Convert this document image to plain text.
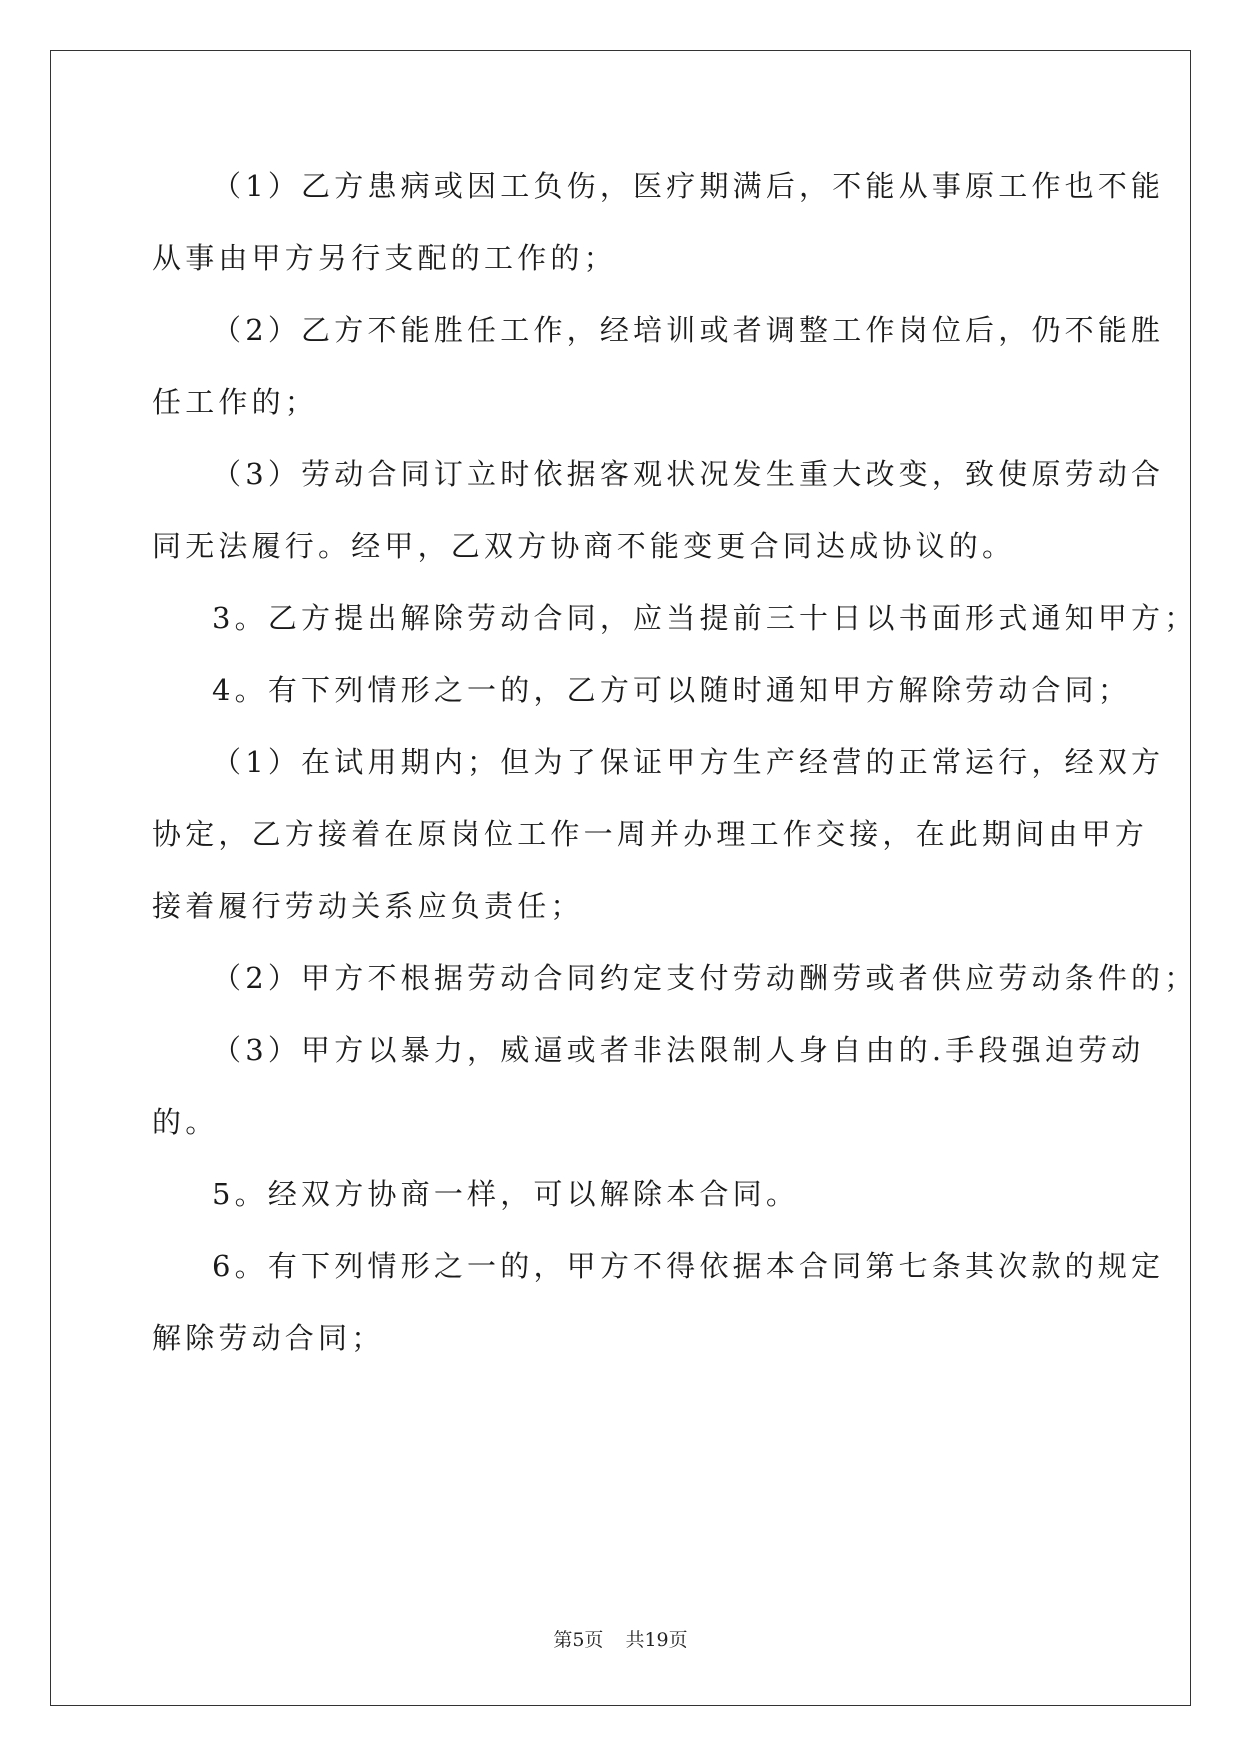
（1）乙方患病或因工负伤，医疗期满后，不能从事原工作也不能
从事由甲方另行支配的工作的；
（2）乙方不能胜任工作，经培训或者调整工作岗位后，仍不能胜
任工作的；
（3）劳动合同订立时依据客观状况发生重大改变，致使原劳动合
同无法履行。经甲，乙双方协商不能变更合同达成协议的。
3。乙方提出解除劳动合同，应当提前三十日以书面形式通知甲方；
4。有下列情形之一的，乙方可以随时通知甲方解除劳动合同；
（1）在试用期内；但为了保证甲方生产经营的正常运行，经双方
协定，乙方接着在原岗位工作一周并办理工作交接，在此期间由甲方
接着履行劳动关系应负责任；
（2）甲方不根据劳动合同约定支付劳动酬劳或者供应劳动条件的；
（3）甲方以暴力，威逼或者非法限制人身自由的.手段强迫劳动
的。
5。经双方协商一样，可以解除本合同。
6。有下列情形之一的，甲方不得依据本合同第七条其次款的规定
解除劳动合同；
第5页 共19页
